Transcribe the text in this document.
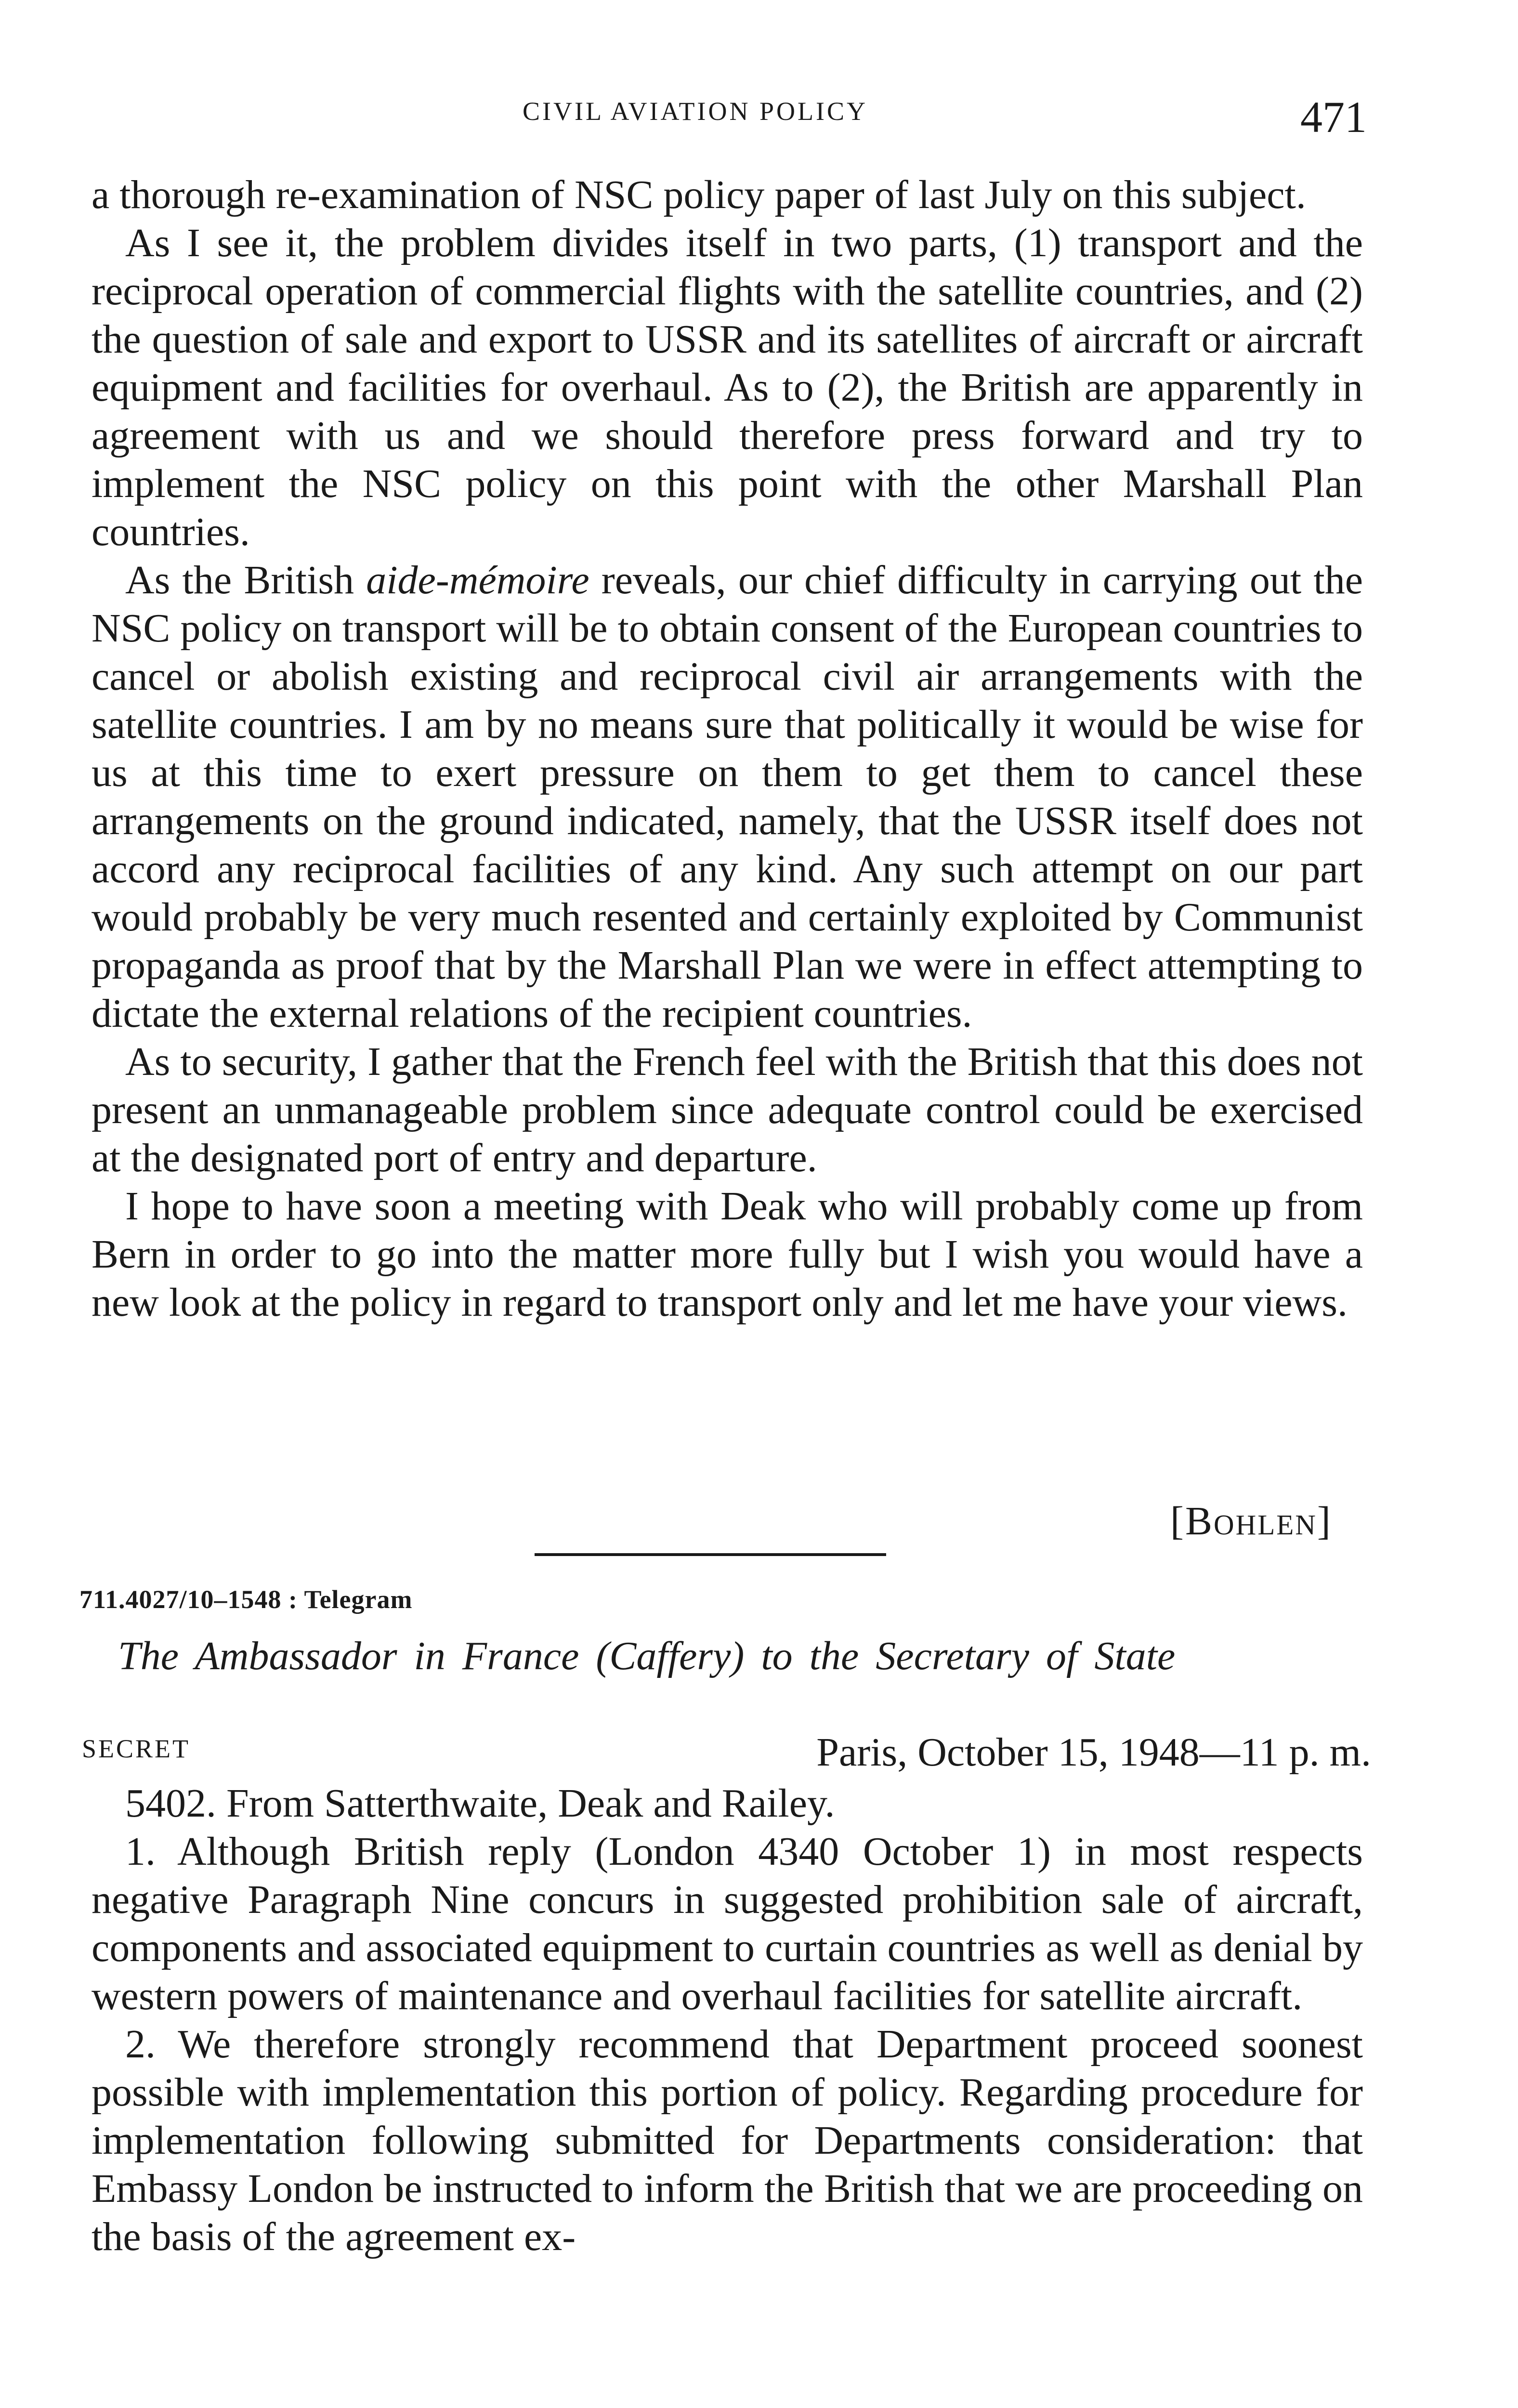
CIVIL AVIATION POLICY	471

a thorough re-examination of NSC policy paper of last July on this subject.

As I see it, the problem divides itself in two parts, (1) transport and the reciprocal operation of commercial flights with the satellite countries, and (2) the question of sale and export to USSR and its satellites of aircraft or aircraft equipment and facilities for overhaul. As to (2), the British are apparently in agreement with us and we should therefore press forward and try to implement the NSC policy on this point with the other Marshall Plan countries.

As the British aide-mémoire reveals, our chief difficulty in carrying out the NSC policy on transport will be to obtain consent of the European countries to cancel or abolish existing and reciprocal civil air arrangements with the satellite countries. I am by no means sure that politically it would be wise for us at this time to exert pressure on them to get them to cancel these arrangements on the ground indicated, namely, that the USSR itself does not accord any reciprocal facilities of any kind. Any such attempt on our part would probably be very much resented and certainly exploited by Communist propaganda as proof that by the Marshall Plan we were in effect attempting to dictate the external relations of the recipient countries.

As to security, I gather that the French feel with the British that this does not present an unmanageable problem since adequate control could be exercised at the designated port of entry and departure.

I hope to have soon a meeting with Deak who will probably come up from Bern in order to go into the matter more fully but I wish you would have a new look at the policy in regard to transport only and let me have your views.

[Bohlen]
711.4027/10–1548 : Telegram
The Ambassador in France (Caffery) to the Secretary of State
SECRET	Paris, October 15, 1948—11 p. m.

5402. From Satterthwaite, Deak and Railey.

1. Although British reply (London 4340 October 1) in most respects negative Paragraph Nine concurs in suggested prohibition sale of aircraft, components and associated equipment to curtain countries as well as denial by western powers of maintenance and overhaul facilities for satellite aircraft.

2. We therefore strongly recommend that Department proceed soonest possible with implementation this portion of policy. Regarding procedure for implementation following submitted for Departments consideration: that Embassy London be instructed to inform the British that we are proceeding on the basis of the agreement ex-
